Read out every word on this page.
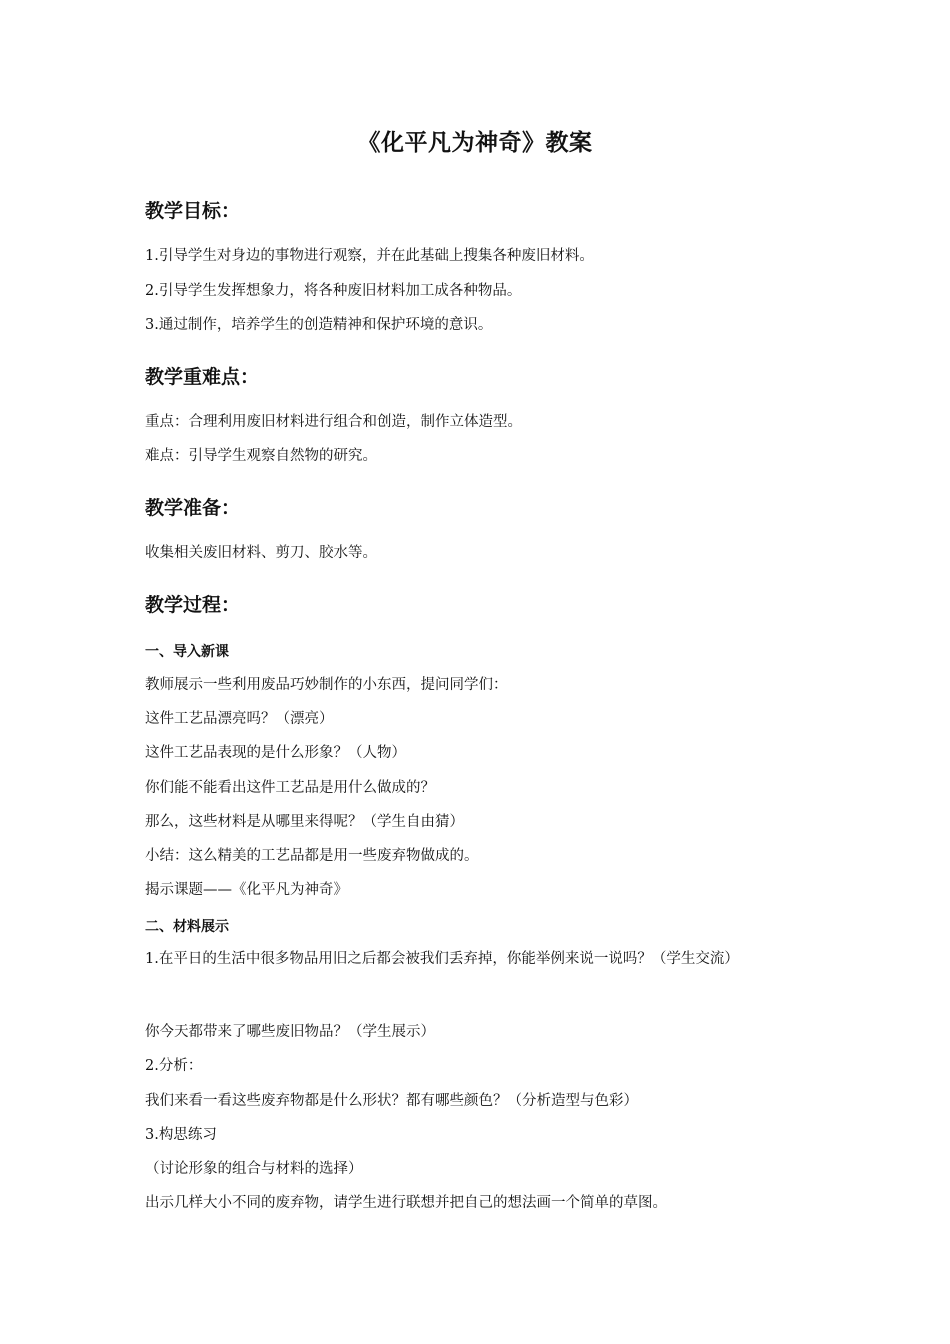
《化平凡为神奇》教案
教学目标：
1.引导学生对身边的事物进行观察，并在此基础上搜集各种废旧材料。
2.引导学生发挥想象力，将各种废旧材料加工成各种物品。
3.通过制作，培养学生的创造精神和保护环境的意识。
教学重难点：
重点：合理利用废旧材料进行组合和创造，制作立体造型。
难点：引导学生观察自然物的研究。
教学准备：
收集相关废旧材料、剪刀、胶水等。
教学过程：
一、导入新课
教师展示一些利用废品巧妙制作的小东西，提问同学们：
这件工艺品漂亮吗？（漂亮）
这件工艺品表现的是什么形象？（人物）
你们能不能看出这件工艺品是用什么做成的？
那么，这些材料是从哪里来得呢？（学生自由猜）
小结：这么精美的工艺品都是用一些废弃物做成的。
揭示课题——《化平凡为神奇》
二、材料展示
1.在平日的生活中很多物品用旧之后都会被我们丢弃掉，你能举例来说一说吗？（学生交流）
你今天都带来了哪些废旧物品？（学生展示）
2.分析：
我们来看一看这些废弃物都是什么形状？都有哪些颜色？（分析造型与色彩）
3.构思练习
（讨论形象的组合与材料的选择）
出示几样大小不同的废弃物，请学生进行联想并把自己的想法画一个简单的草图。
